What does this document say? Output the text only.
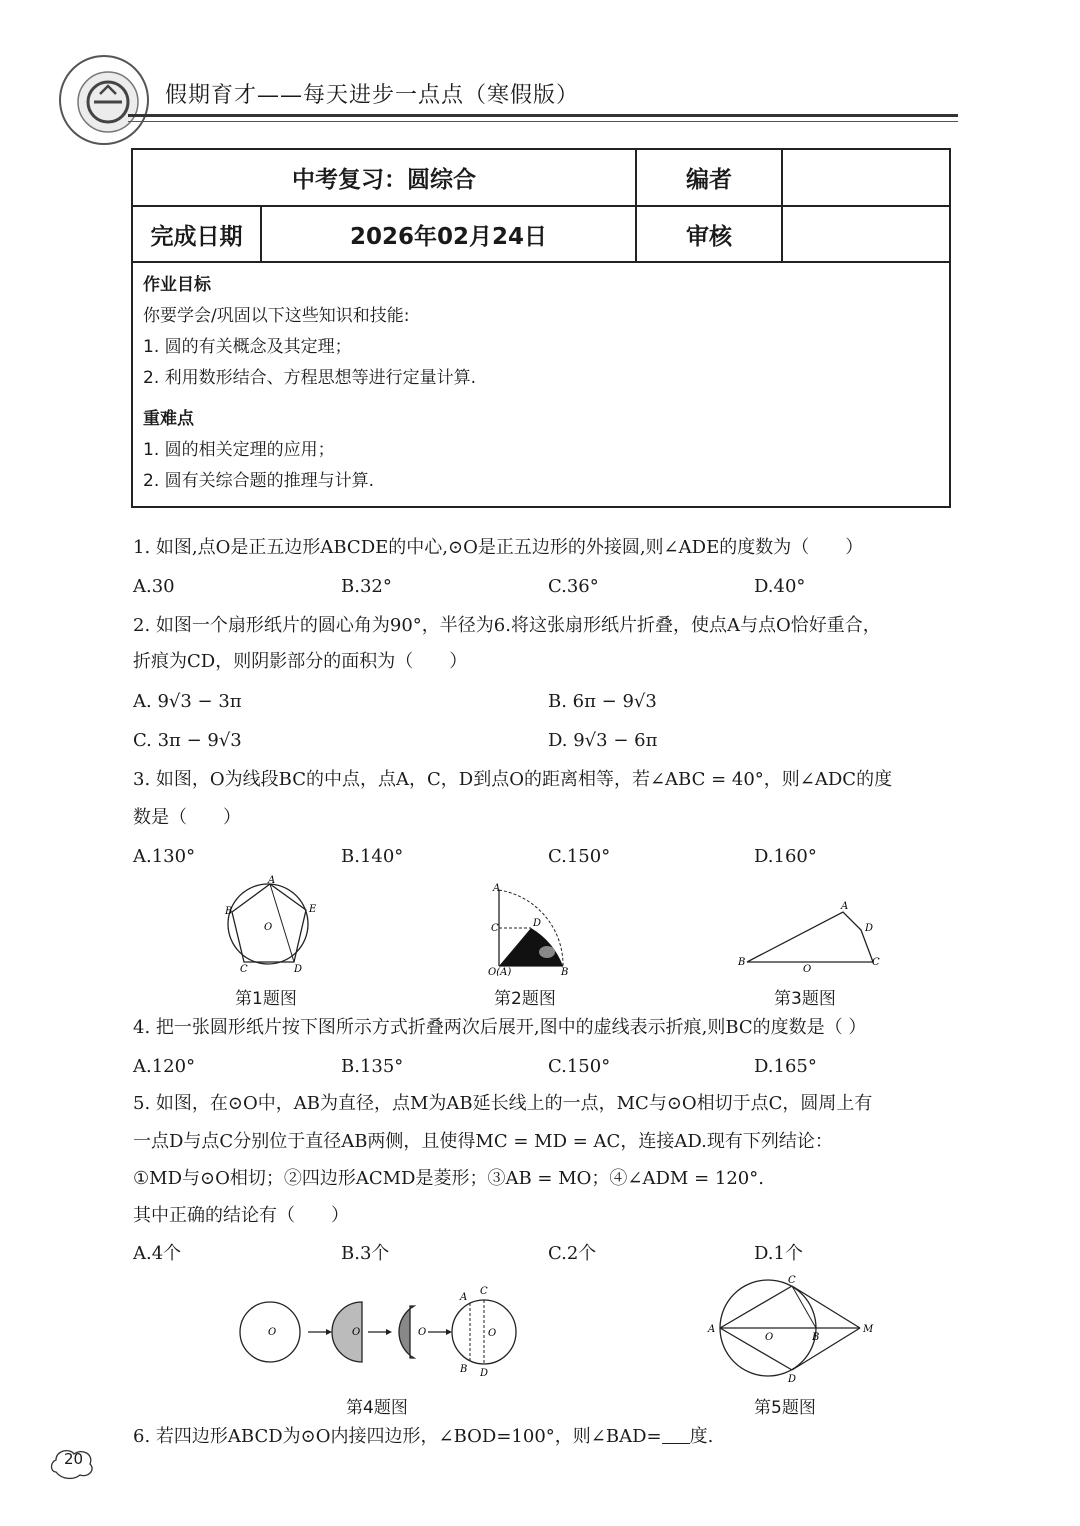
假期育才——每天进步一点点（寒假版）
中考复习：圆综合	编者
完成日期	2026年02月24日	审核
作业目标
你要学会/巩固以下这些知识和技能:
1. 圆的有关概念及其定理；
2. 利用数形结合、方程思想等进行定量计算.
重难点
1. 圆的相关定理的应用；
2. 圆有关综合题的推理与计算.
1. 如图,点O是正五边形ABCDE的中心,⊙O是正五边形的外接圆,则∠ADE的度数为（　　）
A.30	B.32°	C.36°	D.40°
2. 如图一个扇形纸片的圆心角为90°，半径为6.将这张扇形纸片折叠，使点A与点O恰好重合，
折痕为CD，则阴影部分的面积为（　　）
A. 9√3 − 3π	B. 6π − 9√3
C. 3π − 9√3	D. 9√3 − 6π
3. 如图，O为线段BC的中点，点A，C，D到点O的距离相等，若∠ABC = 40°，则∠ADC的度
数是（　　）
A.130°	B.140°	C.150°	D.160°
A
B
C	D
E
O
A
C	D
O(A)	B
A
D
B
O
C
第1题图	第2题图	第3题图
4. 把一张圆形纸片按下图所示方式折叠两次后展开,图中的虚线表示折痕,则BC的度数是（ ）
A.120°	B.135°	C.150°	D.165°
5. 如图，在⊙O中，AB为直径，点M为AB延长线上的一点，MC与⊙O相切于点C，圆周上有
一点D与点C分别位于直径AB两侧，且使得MC = MD = AC，连接AD.现有下列结论：
①MD与⊙O相切；②四边形ACMD是菱形；③AB = MO；④∠ADM = 120°.
其中正确的结论有（　　）
A.4个	B.3个	C.2个	D.1个
O	O	O
A
C
B D
O
C
A
O	B
M
D
第4题图	第5题图
6. 若四边形ABCD为⊙O内接四边形，∠BOD=100°，则∠BAD= 度.
20
